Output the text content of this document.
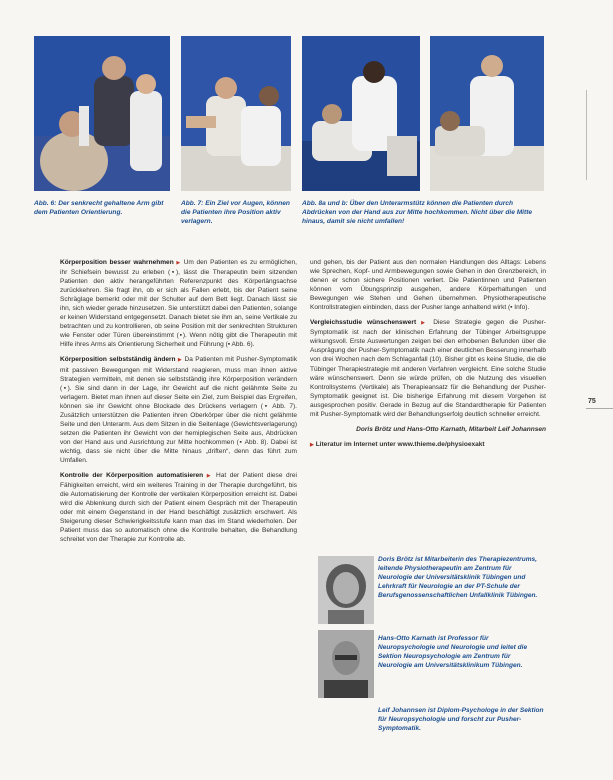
Abb. 6: Der senkrecht gehaltene Arm gibt dem Patienten Orientierung.
Abb. 7: Ein Ziel vor Augen, können die Patienten ihre Position aktiv verlagern.
Abb. 8a und b: Über den Unterarmstütz können die Patienten durch Abdrücken von der Hand aus zur Mitte hochkommen. Nicht über die Mitte hinaus, damit sie nicht umfallen!

Körperposition besser wahrnehmen ▶ Um den Patienten es zu ermöglichen, ihr Schiefsein bewusst zu erleben (▪), lässt die Therapeutin beim sitzenden Patienten den aktiv herangeführten Referenzpunkt des Körperlängsachse zurückkehren. Sie fragt ihn, ob er sich als Fallen erlebt, bis der Patient seine Schräglage bemerkt oder mit der Schulter auf dem Bett liegt. Danach lässt sie ihn, sich wieder gerade hinzusetzen. Sie unterstützt dabei den Patienten, solange er keinen Widerstand entgegensetzt. Danach bietet sie ihm an, seine Vertikale zu betrachten und zu kontrollieren, ob seine Position mit der senkrechten Strukturen wie Fenster oder Türen übereinstimmt (▪). Wenn nötig gibt die Therapeutin mit Hilfe ihres Arms als Orientierung Sicherheit und Führung (▪ Abb. 6).

Körperposition selbstständig ändern ▶ Da Patienten mit Pusher-Symptomatik mit passiven Bewegungen mit Widerstand reagieren, muss man ihnen aktive Strategien vermitteln, mit denen sie selbstständig ihre Körperposition verändern (▪). Sie sind dann in der Lage, ihr Gewicht auf die nicht gelähmte Seite zu verlagern. Bietet man ihnen auf dieser Seite ein Ziel, zum Beispiel das Ergreifen, können sie ihr Gewicht ohne Blockade des Drückens verlagern (▪ Abb. 7). Zusätzlich unterstützen die Patienten ihren Oberkörper über die nicht gelähmte Seite und den Unterarm. Aus dem Sitzen in die Seitenlage (Gewichtsverlagerung) setzen die Patienten ihr Gewicht von der hemiplegischen Seite aus, Abdrücken von der Hand aus und Ausrichtung zur Mitte hochkommen (▪ Abb. 8). Dabei ist wichtig, dass sie nicht über die Mitte hinaus „driften“, denn das führt zum Umfallen.

Kontrolle der Körperposition automatisieren ▶ Hat der Patient diese drei Fähigkeiten erreicht, wird ein weiteres Training in der Therapie durchgeführt, bis die Automatisierung der Kontrolle der vertikalen Körperposition erreicht ist. Dabei wird die Ablenkung durch sich der Patient einem Gespräch mit der Therapeutin oder mit einem Gegenstand in der Hand beschäftigt zusätzlich erschwert. Als Steigerung dieser Schwierigkeitsstufe kann man das im Stand wiederholen. Der Patient muss das so automatisch ohne die Kontrolle behalten, die Behandlung schreitet von der Therapie zur Kontrolle ab.

und gehen, bis der Patient aus den normalen Handlungen des Alltags: Lebens wie Sprechen, Kopf- und Armbewegungen sowie Gehen in den Grenzbereich, in denen er schon sichere Positionen verliert. Die Patientinnen und Patienten können vom Übungsprinzip ausgehen, andere Körperhaltungen und Bewegungen wie Stehen und Gehen übernehmen. Physiotherapeutische Kontrollstrategien einbinden, dass der Pusher lange anhaltend wirkt (▪ Info).

Vergleichsstudie wünschenswert ▶ Diese Strategie gegen die Pusher-Symptomatik ist nach der klinischen Erfahrung der Tübinger Arbeitsgruppe wirkungsvoll. Erste Auswertungen zeigen bei den erhobenen Befunden über die Ausprägung der Pusher-Symptomatik nach einer deutlichen Besserung innerhalb von drei Wochen nach dem Schlaganfall (10). Bisher gibt es keine Studie, die die Tübinger Therapiestrategie mit anderen Verfahren vergleicht. Eine solche Studie wäre wünschenswert. Denn sie würde prüfen, ob die Nutzung des visuellen Kontrollsystems (Vertikale) als Therapieansatz für die Behandlung der Pusher-Symptomatik geeignet ist. Die bisherige Erfahrung mit diesem Vorgehen ist ausgesprochen positiv. Gerade in Bezug auf die Standardtherapie für Patienten mit Pusher-Symptomatik wird der Behandlungserfolg deutlich schneller erreicht.

Doris Brötz und Hans-Otto Karnath, Mitarbeit Leif Johannsen

▶ Literatur im Internet unter www.thieme.de/physioexakt

Doris Brötz ist Mitarbeiterin des Therapiezentrums, leitende Physiotherapeutin am Zentrum für Neurologie der Universitätsklinik Tübingen und Lehrkraft für Neurologie an der PT-Schule der Berufsgenossenschaftlichen Unfallklinik Tübingen.
Hans-Otto Karnath ist Professor für Neuropsychologie und Neurologie und leitet die Sektion Neuropsychologie am Zentrum für Neurologie am Universitätsklinikum Tübingen.
Leif Johannsen ist Diplom-Psychologe in der Sektion für Neuropsychologie und forscht zur Pusher-Symptomatik.
75
